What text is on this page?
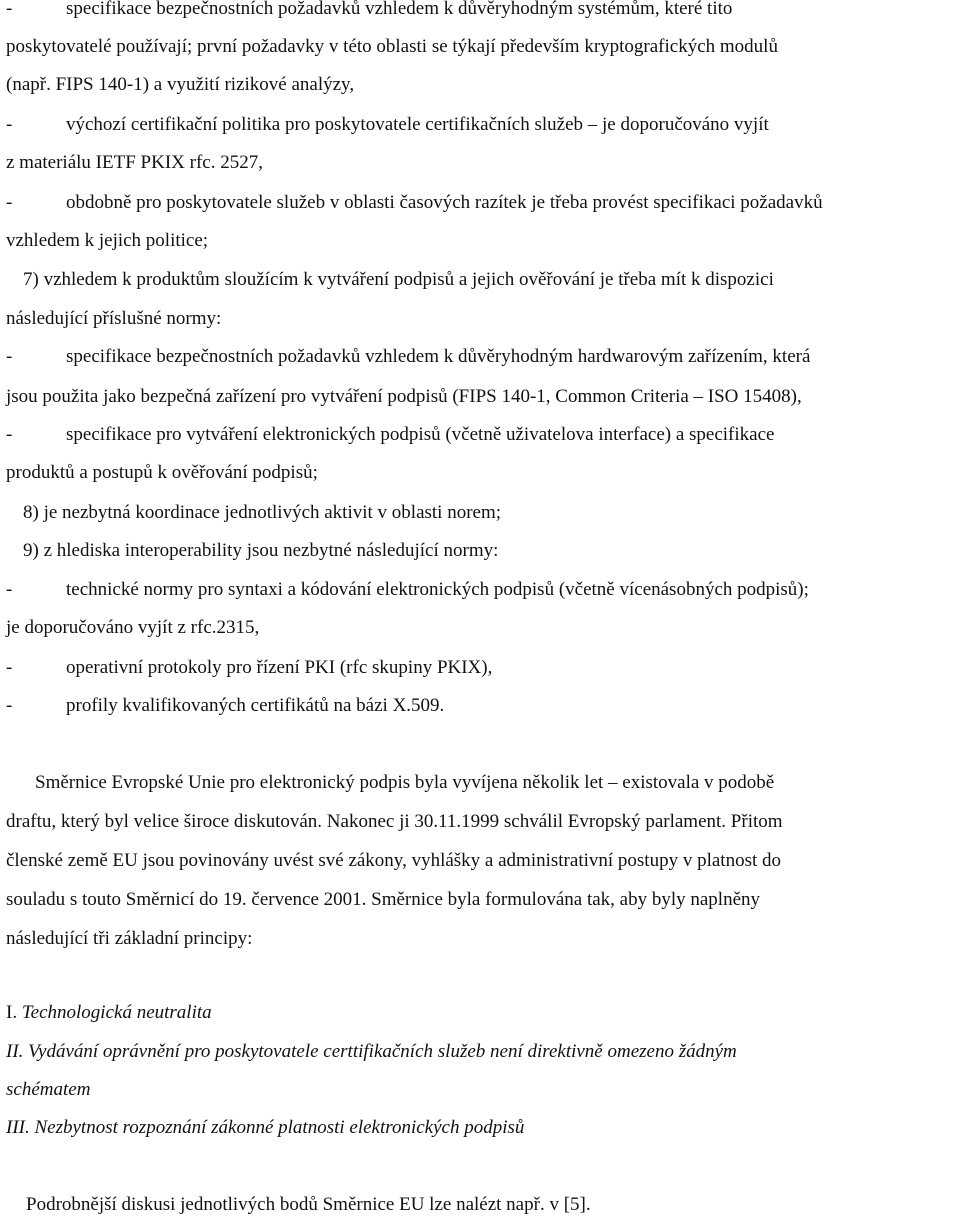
-	specifikace bezpečnostních požadavků vzhledem k důvěryhodným systémům, které tito
poskytovatelé používají; první požadavky v této oblasti se týkají především kryptografických modulů
(např. FIPS 140-1) a využití rizikové analýzy,
-	výchozí certifikační politika pro poskytovatele certifikačních služeb – je doporučováno vyjít
z materiálu IETF PKIX rfc. 2527,
-	obdobně pro poskytovatele služeb v oblasti časových razítek je třeba provést specifikaci požadavků
vzhledem k jejich politice;
7) vzhledem k produktům sloužícím k vytváření podpisů a jejich ověřování je třeba mít k dispozici
následující příslušné normy:
-	specifikace bezpečnostních požadavků vzhledem k důvěryhodným hardwarovým zařízením, která
jsou použita jako bezpečná zařízení pro vytváření podpisů (FIPS 140-1, Common Criteria – ISO 15408),
-	specifikace pro vytváření elektronických podpisů (včetně uživatelova interface) a specifikace
produktů a postupů k ověřování podpisů;
8) je nezbytná koordinace jednotlivých aktivit v oblasti norem;
9) z hlediska interoperability jsou nezbytné následující normy:
-	technické normy pro syntaxi a kódování elektronických podpisů (včetně vícenásobných podpisů);
je doporučováno vyjít z rfc.2315,
-	operativní protokoly pro řízení PKI (rfc skupiny PKIX),
-	profily kvalifikovaných certifikátů na bázi X.509.
Směrnice Evropské Unie pro elektronický podpis byla vyvíjena několik let – existovala v podobě
draftu, který byl velice široce diskutován. Nakonec ji 30.11.1999 schválil Evropský parlament. Přitom
členské země EU jsou povinovány uvést své zákony, vyhlášky a administrativní postupy v platnost do
souladu s touto Směrnicí do 19. července 2001. Směrnice byla formulována tak, aby byly naplněny
následující tři základní principy:
I. Technologická neutralita
II. Vydávání oprávnění pro poskytovatele certtifikačních služeb není direktivně omezeno žádným
schématem
III. Nezbytnost rozpoznání zákonné platnosti elektronických podpisů
Podrobnější diskusi jednotlivých bodů Směrnice EU lze nalézt např. v [5].
